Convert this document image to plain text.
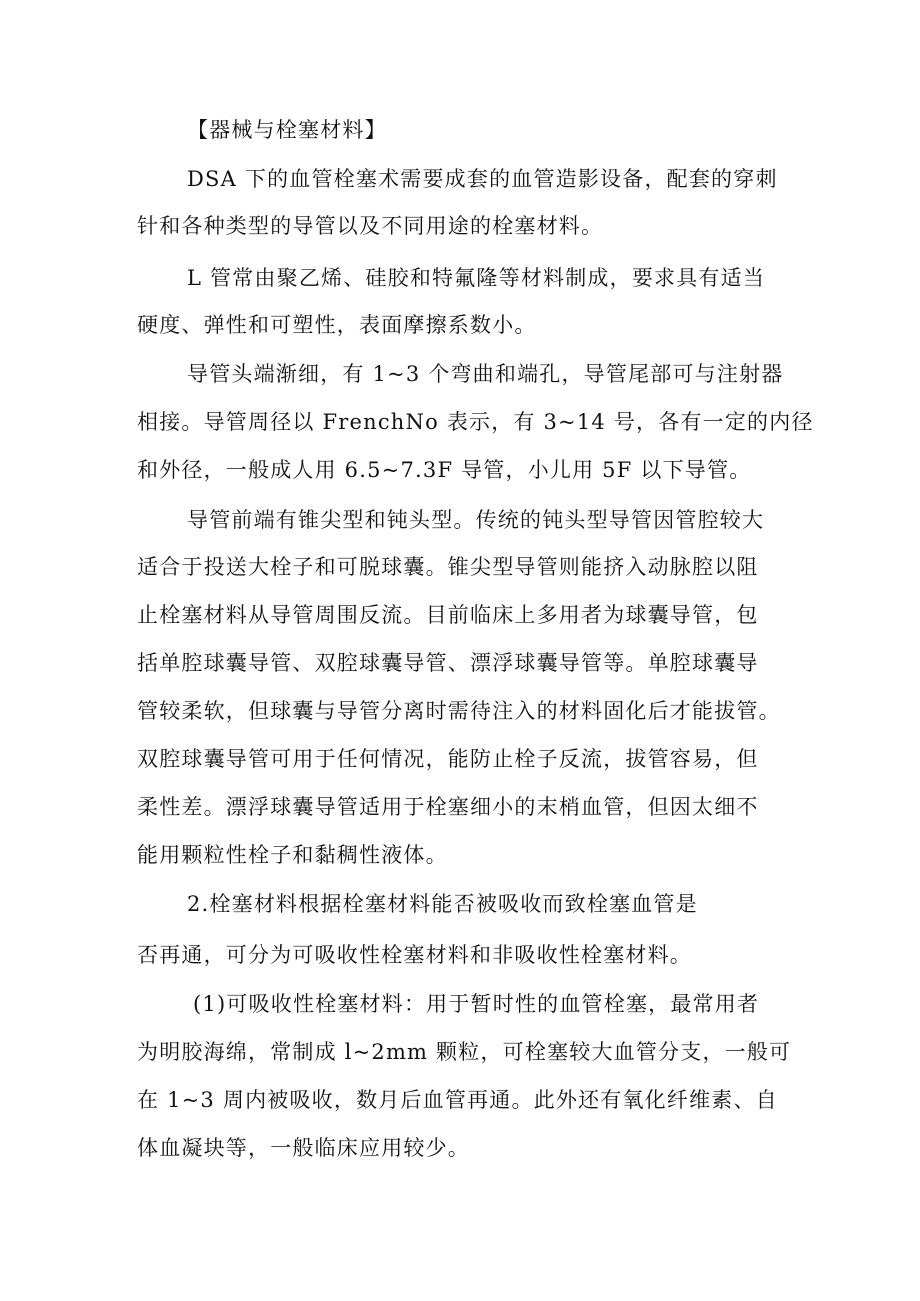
【器械与栓塞材料】
DSA 下的血管栓塞术需要成套的血管造影设备，配套的穿刺
针和各种类型的导管以及不同用途的栓塞材料。
L 管常由聚乙烯、硅胶和特氟隆等材料制成，要求具有适当
硬度、弹性和可塑性，表面摩擦系数小。
导管头端渐细，有 1~3 个弯曲和端孔，导管尾部可与注射器
相接。导管周径以 FrenchNo 表示，有 3~14 号，各有一定的内径
和外径，一般成人用 6.5~7.3F 导管，小儿用 5F 以下导管。
导管前端有锥尖型和钝头型。传统的钝头型导管因管腔较大
适合于投送大栓子和可脱球囊。锥尖型导管则能挤入动脉腔以阻
止栓塞材料从导管周围反流。目前临床上多用者为球囊导管，包
括单腔球囊导管、双腔球囊导管、漂浮球囊导管等。单腔球囊导
管较柔软，但球囊与导管分离时需待注入的材料固化后才能拔管。
双腔球囊导管可用于任何情况，能防止栓子反流，拔管容易，但
柔性差。漂浮球囊导管适用于栓塞细小的末梢血管，但因太细不
能用颗粒性栓子和黏稠性液体。
2.栓塞材料根据栓塞材料能否被吸收而致栓塞血管是
否再通，可分为可吸收性栓塞材料和非吸收性栓塞材料。
(1)可吸收性栓塞材料：用于暂时性的血管栓塞，最常用者
为明胶海绵，常制成 l~2mm 颗粒，可栓塞较大血管分支，一般可
在 1~3 周内被吸收，数月后血管再通。此外还有氧化纤维素、自
体血凝块等，一般临床应用较少。
